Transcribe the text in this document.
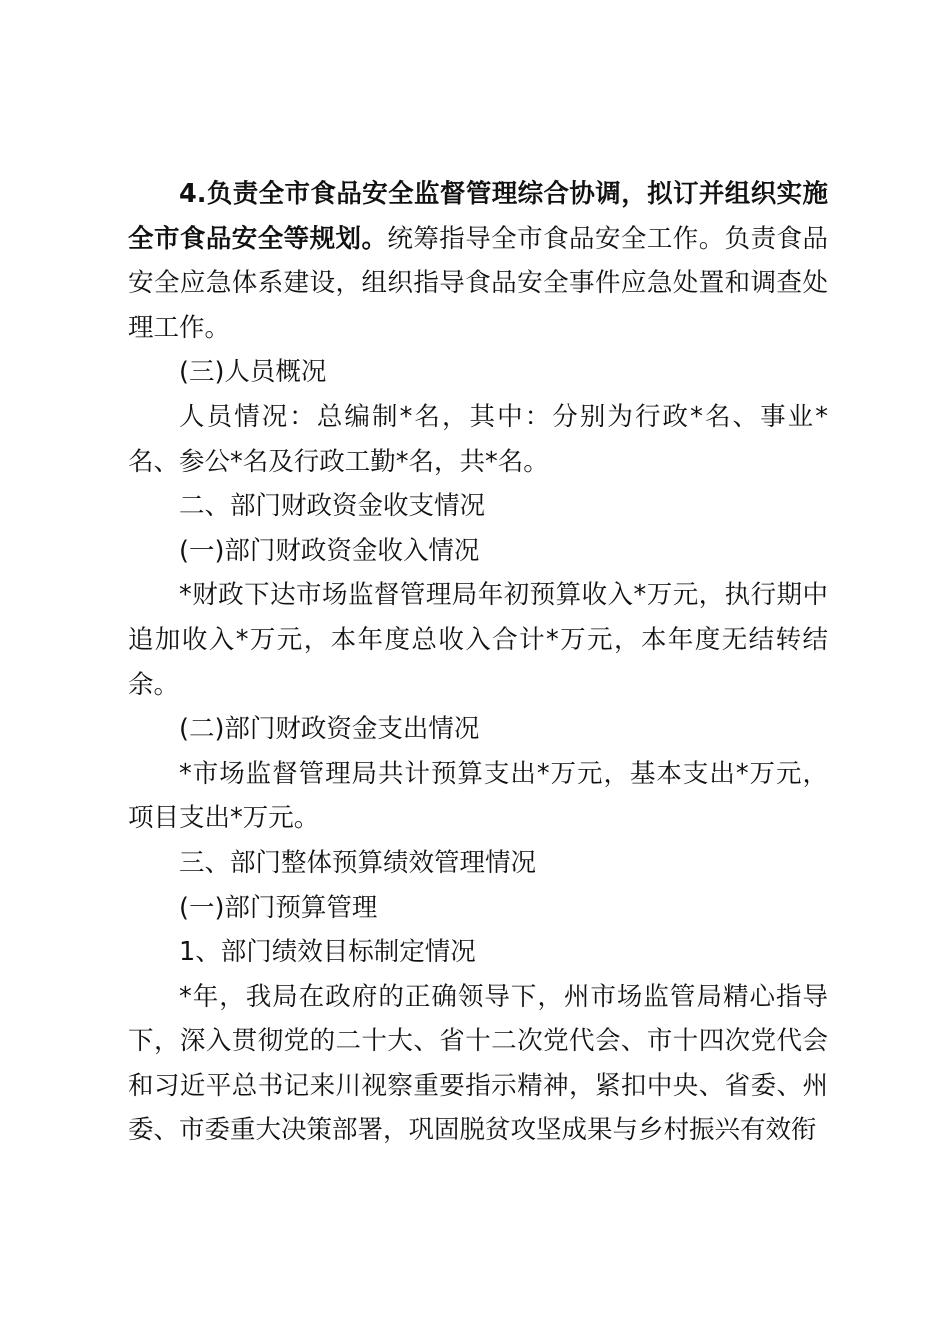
4.负责全市食品安全监督管理综合协调，拟订并组织实施全市食品安全等规划。统筹指导全市食品安全工作。负责食品安全应急体系建设，组织指导食品安全事件应急处置和调查处理工作。

(三)人员概况

人员情况：总编制*名，其中：分别为行政*名、事业*名、参公*名及行政工勤*名，共*名。

二、部门财政资金收支情况

(一)部门财政资金收入情况

*财政下达市场监督管理局年初预算收入*万元，执行期中追加收入*万元，本年度总收入合计*万元，本年度无结转结余。

(二)部门财政资金支出情况

*市场监督管理局共计预算支出*万元，基本支出*万元，项目支出*万元。

三、部门整体预算绩效管理情况

(一)部门预算管理

1、部门绩效目标制定情况

*年，我局在政府的正确领导下，州市场监管局精心指导下，深入贯彻党的二十大、省十二次党代会、市十四次党代会和习近平总书记来川视察重要指示精神，紧扣中央、省委、州委、市委重大决策部署，巩固脱贫攻坚成果与乡村振兴有效衔
